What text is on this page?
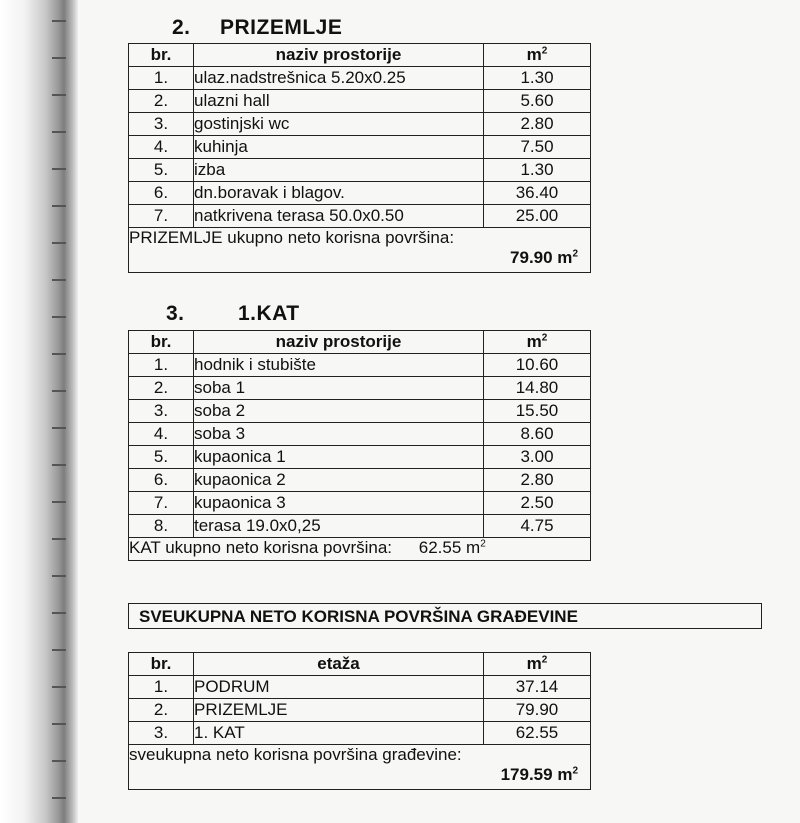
2. PRIZEMLJE
br.	naziv prostorije	$m^2$
1.	ulaz.nadstrešnica 5.20x0.25	1.30
2.	ulazni hall	5.60
3.	gostinjski wc	2.80
4.	kuhinja	7.50
5.	izba	1.30
6.	dn.boravak i blagov.	36.40
7.	natkrivena terasa 50.0x0.50	25.00

PRIZEMLJE ukupno neto korisna površina:
79.90 $m^2$
3.	1.KAT
br.	naziv prostorije	$m^2$
1.	hodnik i stubište	10.60
2.	soba 1	14.80
3.	soba 2	15.50
4.	soba 3	8.60
5.	kupaonica 1	3.00
6.	kupaonica 2	2.80
7.	kupaonica 3	2.50
8.	terasa 19.0x0,25	4.75
KAT ukupno neto korisna površina: 62.55 $m^2$
SVEUKUPNA NETO KORISNA POVRŠINA GRAĐEVINE
br.	etaža	$m^2$
1.	PODRUM	37.14
2.	PRIZEMLJE	79.90
3.	1. KAT	62.55

sveukupna neto korisna površina građevine:
179.59 $m^2$
